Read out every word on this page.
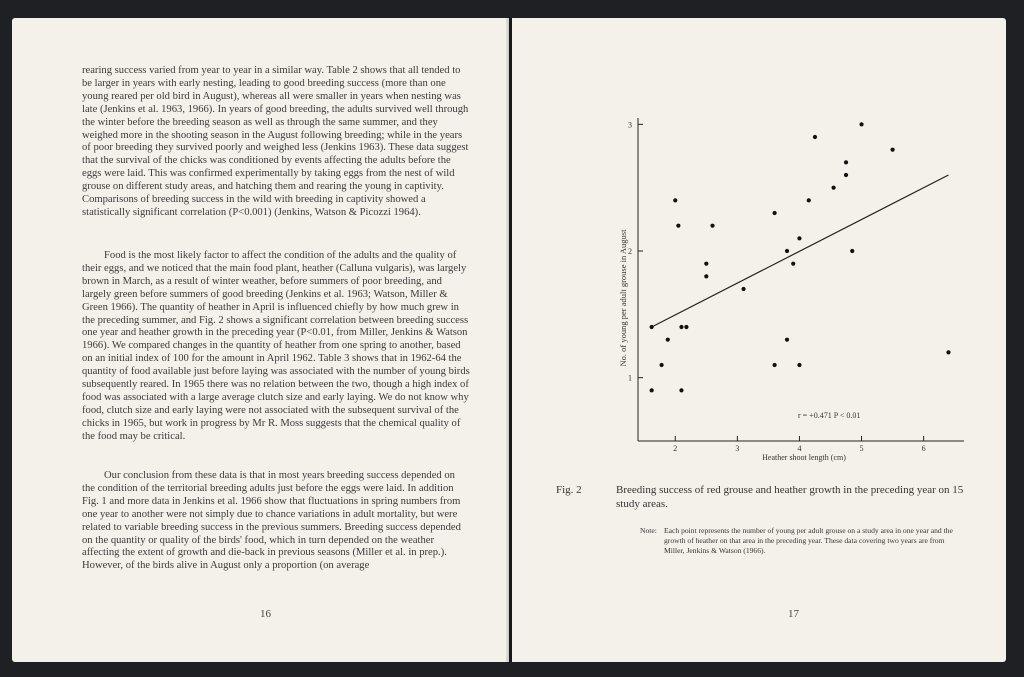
rearing success varied from year to year in a similar way. Table 2 shows that all tended to be larger in years with early nesting, leading to good breeding success (more than one young reared per old bird in August), whereas all were smaller in years when nesting was late (Jenkins et al. 1963, 1966). In years of good breeding, the adults survived well through the winter before the breeding season as well as through the same summer, and they weighed more in the shooting season in the August following breeding; while in the years of poor breeding they survived poorly and weighed less (Jenkins 1963). These data suggest that the survival of the chicks was conditioned by events affecting the adults before the eggs were laid. This was confirmed experimentally by taking eggs from the nest of wild grouse on different study areas, and hatching them and rearing the young in captivity. Comparisons of breeding success in the wild with breeding in captivity showed a statistically significant correlation (P<0.001) (Jenkins, Watson & Picozzi 1964).

Food is the most likely factor to affect the condition of the adults and the quality of their eggs, and we noticed that the main food plant, heather (Calluna vulgaris), was largely brown in March, as a result of winter weather, before summers of poor breeding, and largely green before summers of good breeding (Jenkins et al. 1963; Watson, Miller & Green 1966). The quantity of heather in April is influenced chiefly by how much grew in the preceding summer, and Fig. 2 shows a significant correlation between breeding success one year and heather growth in the preceding year (P<0.01, from Miller, Jenkins & Watson 1966). We compared changes in the quantity of heather from one spring to another, based on an initial index of 100 for the amount in April 1962. Table 3 shows that in 1962-64 the quantity of food available just before laying was associated with the number of young birds subsequently reared. In 1965 there was no relation between the two, though a high index of food was associated with a large average clutch size and early laying. We do not know why food, clutch size and early laying were not associated with the subsequent survival of the chicks in 1965, but work in progress by Mr R. Moss suggests that the chemical quality of the food may be critical.

Our conclusion from these data is that in most years breeding success depended on the condition of the territorial breeding adults just before the eggs were laid. In addition Fig. 1 and more data in Jenkins et al. 1966 show that fluctuations in spring numbers from one year to another were not simply due to chance variations in adult mortality, but were related to variable breeding success in the previous summers. Breeding success depended on the quantity or quality of the birds' food, which in turn depended on the weather affecting the extent of growth and die-back in previous seasons (Miller et al. in prep.). However, of the birds alive in August only a proportion (on average

16
1
2
3
2	3	4	5	6
No. of young per adult grouse in August
Heather shoot length (cm)
r = +0.471 P < 0.01
Fig. 2	Breeding success of red grouse and heather growth in the preceding year on 15 study areas.
Note: Each point represents the number of young per adult grouse on a study area in one year and the growth of heather on that area in the preceding year. These data covering two years are from Miller, Jenkins & Watson (1966).
17
